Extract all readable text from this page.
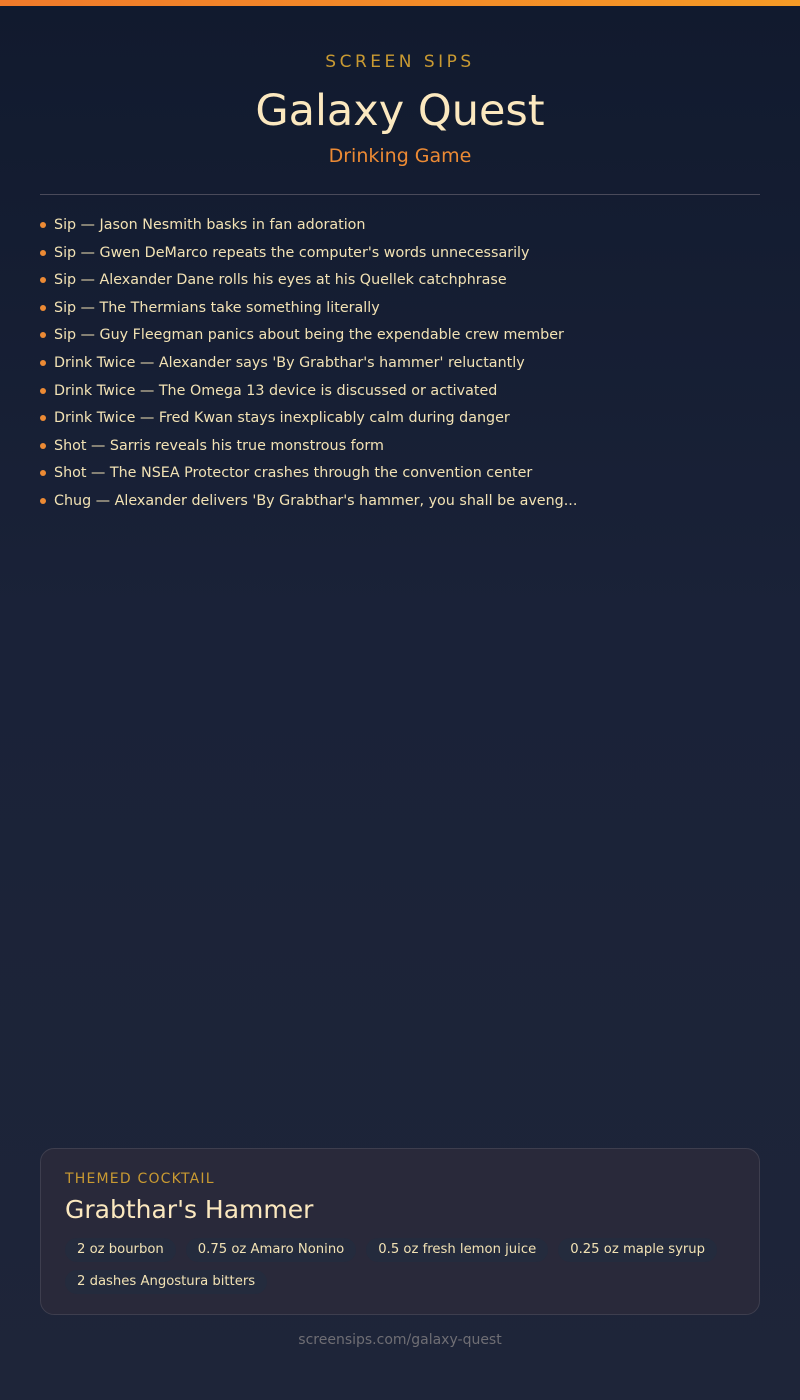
SCREEN SIPS
Galaxy Quest
Drinking Game
Sip — Jason Nesmith basks in fan adoration
Sip — Gwen DeMarco repeats the computer's words unnecessarily
Sip — Alexander Dane rolls his eyes at his Quellek catchphrase
Sip — The Thermians take something literally
Sip — Guy Fleegman panics about being the expendable crew member
Drink Twice — Alexander says 'By Grabthar's hammer' reluctantly
Drink Twice — The Omega 13 device is discussed or activated
Drink Twice — Fred Kwan stays inexplicably calm during danger
Shot — Sarris reveals his true monstrous form
Shot — The NSEA Protector crashes through the convention center
Chug — Alexander delivers 'By Grabthar's hammer, you shall be aveng...
THEMED COCKTAIL
Grabthar's Hammer
2 oz bourbon	0.75 oz Amaro Nonino	0.5 oz fresh lemon juice	0.25 oz maple syrup
2 dashes Angostura bitters
screensips.com/galaxy-quest
